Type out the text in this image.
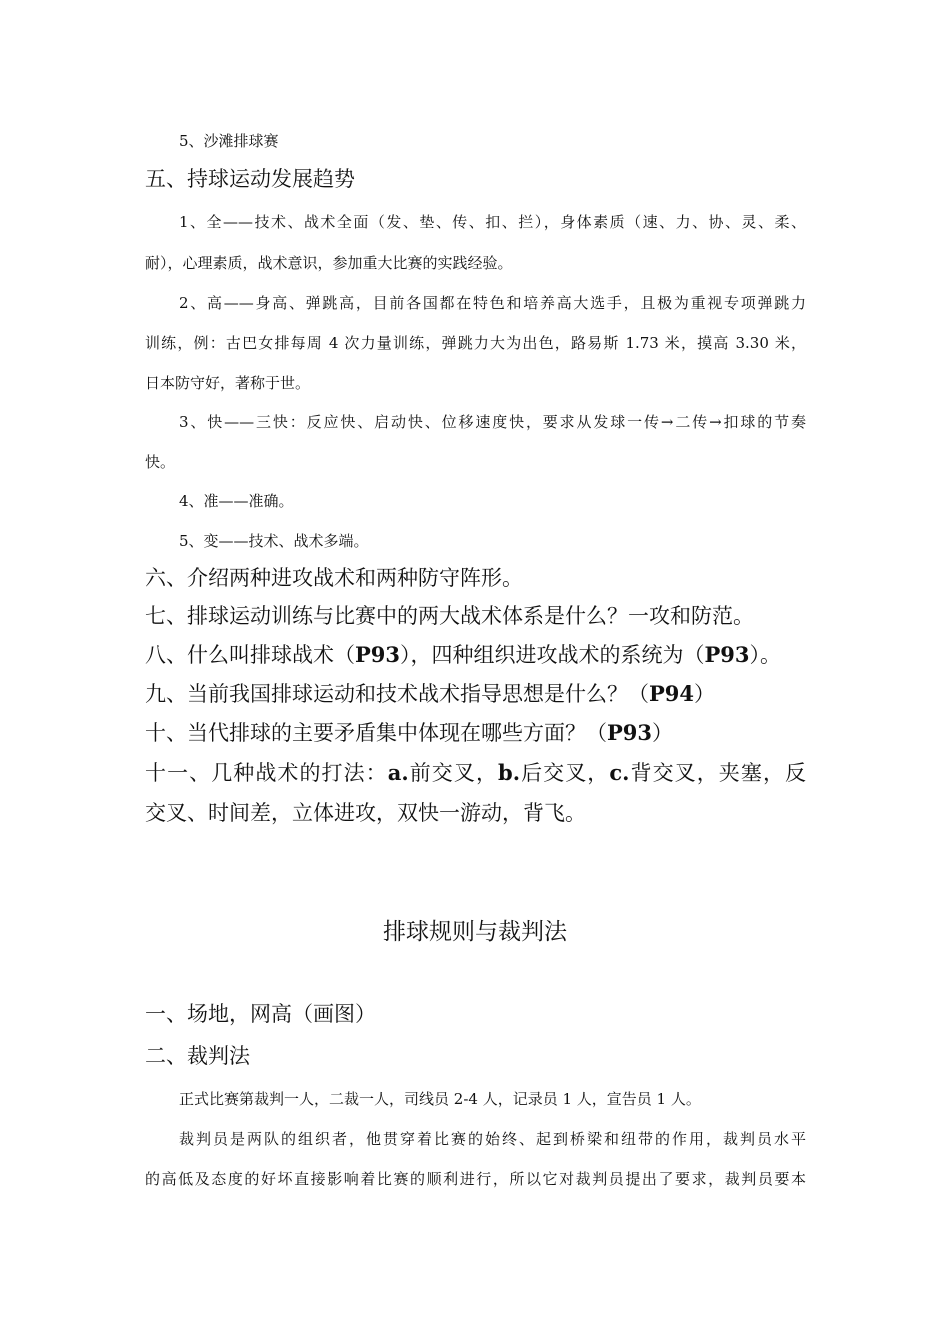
5、沙滩排球赛
五、持球运动发展趋势
1、全——技术、战术全面（发、垫、传、扣、拦），身体素质（速、力、协、灵、柔、
耐），心理素质，战术意识，参加重大比赛的实践经验。
2、高——身高、弹跳高，目前各国都在特色和培养高大选手，且极为重视专项弹跳力
训练，例：古巴女排每周 4 次力量训练，弹跳力大为出色，路易斯 1.73 米，摸高 3.30 米，
日本防守好，著称于世。
3、快——三快：反应快、启动快、位移速度快，要求从发球一传→二传→扣球的节奏
快。
4、准——准确。
5、变——技术、战术多端。
六、介绍两种进攻战术和两种防守阵形。
七、排球运动训练与比赛中的两大战术体系是什么？一攻和防范。
八、什么叫排球战术（P93），四种组织进攻战术的系统为（P93）。
九、当前我国排球运动和技术战术指导思想是什么？（P94）
十、当代排球的主要矛盾集中体现在哪些方面？（P93）
十一、几种战术的打法：a.前交叉，b.后交叉，c.背交叉，夹塞，反
交叉、时间差，立体进攻，双快一游动，背飞。
排球规则与裁判法
一、场地，网高（画图）
二、裁判法
正式比赛第裁判一人，二裁一人，司线员 2-4 人，记录员 1 人，宣告员 1 人。
裁判员是两队的组织者，他贯穿着比赛的始终、起到桥梁和纽带的作用，裁判员水平
的高低及态度的好坏直接影响着比赛的顺利进行，所以它对裁判员提出了要求，裁判员要本
